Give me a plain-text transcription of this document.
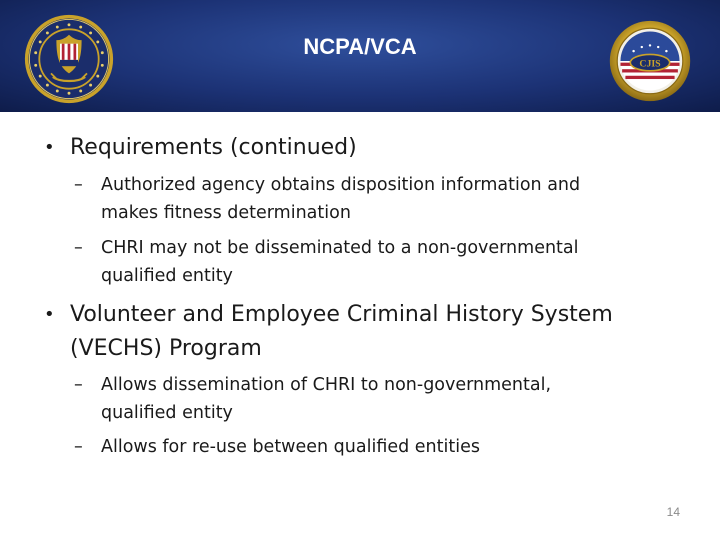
NCPA/VCA
CJIS
• Requirements (continued)
– Authorized agency obtains disposition information and
makes fitness determination
– CHRI may not be disseminated to a non-governmental
qualified entity
• Volunteer and Employee Criminal History System
(VECHS) Program
– Allows dissemination of CHRI to non-governmental,
qualified entity
– Allows for re-use between qualified entities
14
